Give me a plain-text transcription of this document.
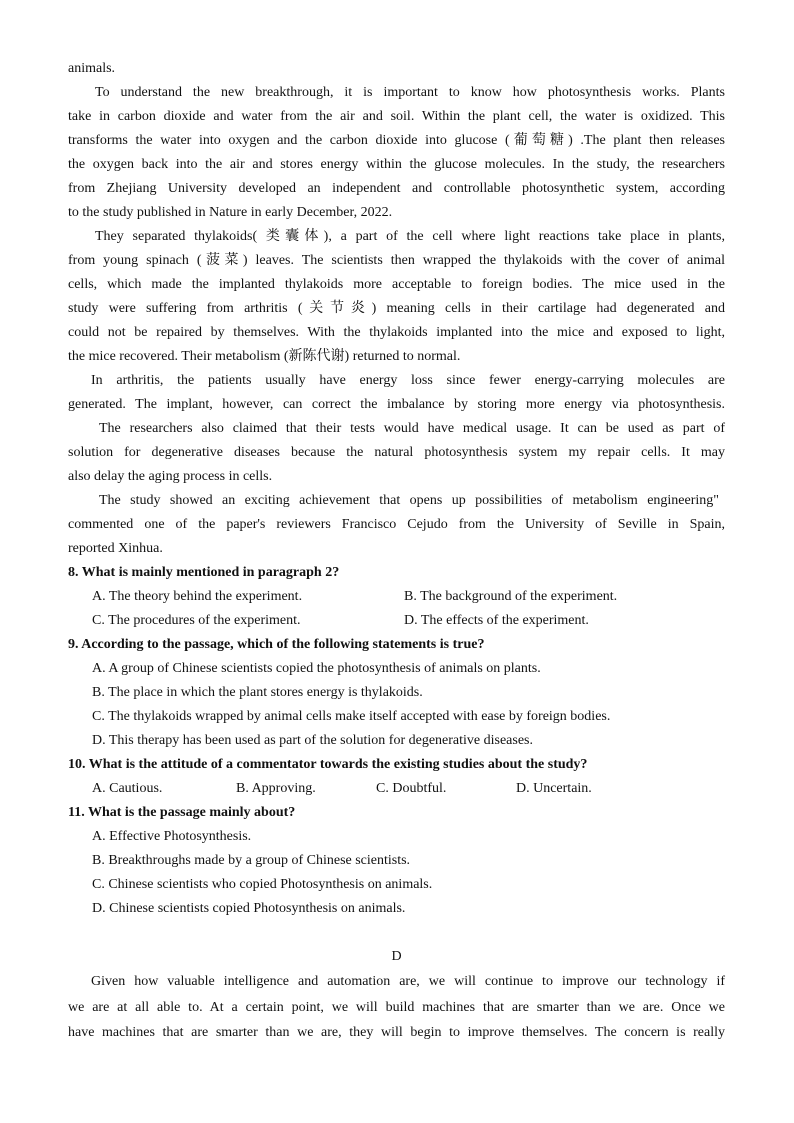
animals.
To understand the new breakthrough, it is important to know how photosynthesis works. Plants
take in carbon dioxide and water from the air and soil. Within the plant cell, the water is oxidized. This
transforms the water into oxygen and the carbon dioxide into glucose (葡萄糖) .The plant then releases
the oxygen back into the air and stores energy within the glucose molecules. In the study, the researchers
from Zhejiang University developed an independent and controllable photosynthetic system, according
to the study published in Nature in early December, 2022.
They separated thylakoids( 类囊体), a part of the cell where light reactions take place in plants,
from young spinach (菠菜) leaves. The scientists then wrapped the thylakoids with the cover of animal
cells, which made the implanted thylakoids more acceptable to foreign bodies. The mice used in the
study were suffering from arthritis (关节炎) meaning cells in their cartilage had degenerated and
could not be repaired by themselves. With the thylakoids implanted into the mice and exposed to light,
the mice recovered. Their metabolism (新陈代谢) returned to normal.
In arthritis, the patients usually have energy loss since fewer energy-carrying molecules are
generated. The implant, however, can correct the imbalance by storing more energy via photosynthesis.
The researchers also claimed that their tests would have medical usage. It can be used as part of
solution for degenerative diseases because the natural photosynthesis system my repair cells. It may
also delay the aging process in cells.
The study showed an exciting achievement that opens up possibilities of metabolism engineering"
commented one of the paper's reviewers Francisco Cejudo from the University of Seville in Spain,
reported Xinhua.
8. What is mainly mentioned in paragraph 2?
A. The theory behind the experiment.	B. The background of the experiment.
C. The procedures of the experiment.	D. The effects of the experiment.
9. According to the passage, which of the following statements is true?
A. A group of Chinese scientists copied the photosynthesis of animals on plants.
B. The place in which the plant stores energy is thylakoids.
C. The thylakoids wrapped by animal cells make itself accepted with ease by foreign bodies.
D. This therapy has been used as part of the solution for degenerative diseases.
10. What is the attitude of a commentator towards the existing studies about the study?
A. Cautious.	B. Approving.	C. Doubtful.	D. Uncertain.
11. What is the passage mainly about?
A. Effective Photosynthesis.
B. Breakthroughs made by a group of Chinese scientists.
C. Chinese scientists who copied Photosynthesis on animals.
D. Chinese scientists copied Photosynthesis on animals.
D
Given how valuable intelligence and automation are, we will continue to improve our technology if
we are at all able to. At a certain point, we will build machines that are smarter than we are. Once we
have machines that are smarter than we are, they will begin to improve themselves. The concern is really
